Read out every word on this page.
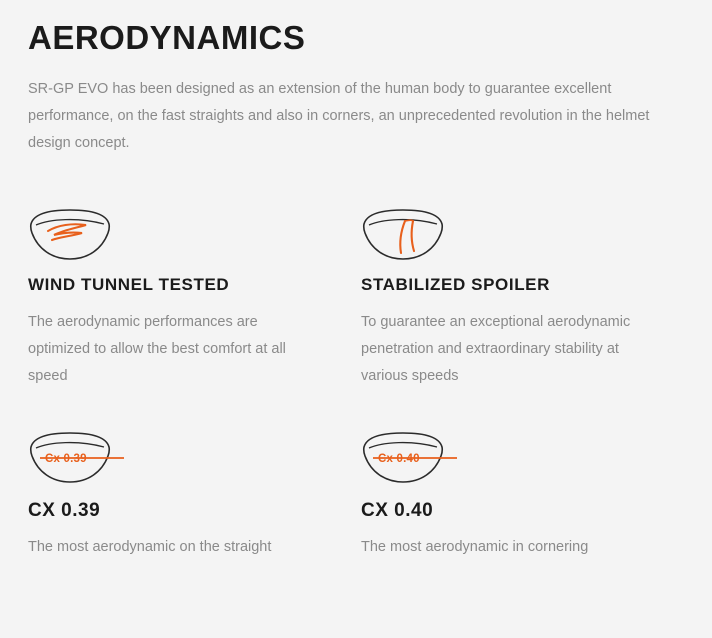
AERODYNAMICS

SR-GP EVO has been designed as an extension of the human body to guarantee excellent performance, on the fast straights and also in corners, an unprecedented revolution in the helmet design concept.

WIND TUNNEL TESTED
The aerodynamic performances are optimized to allow the best comfort at all speed
STABILIZED SPOILER
To guarantee an exceptional aerodynamic penetration and extraordinary stability at various speeds
Cx 0.39
CX 0.39
The most aerodynamic on the straight
Cx 0.40
CX 0.40
The most aerodynamic in cornering
